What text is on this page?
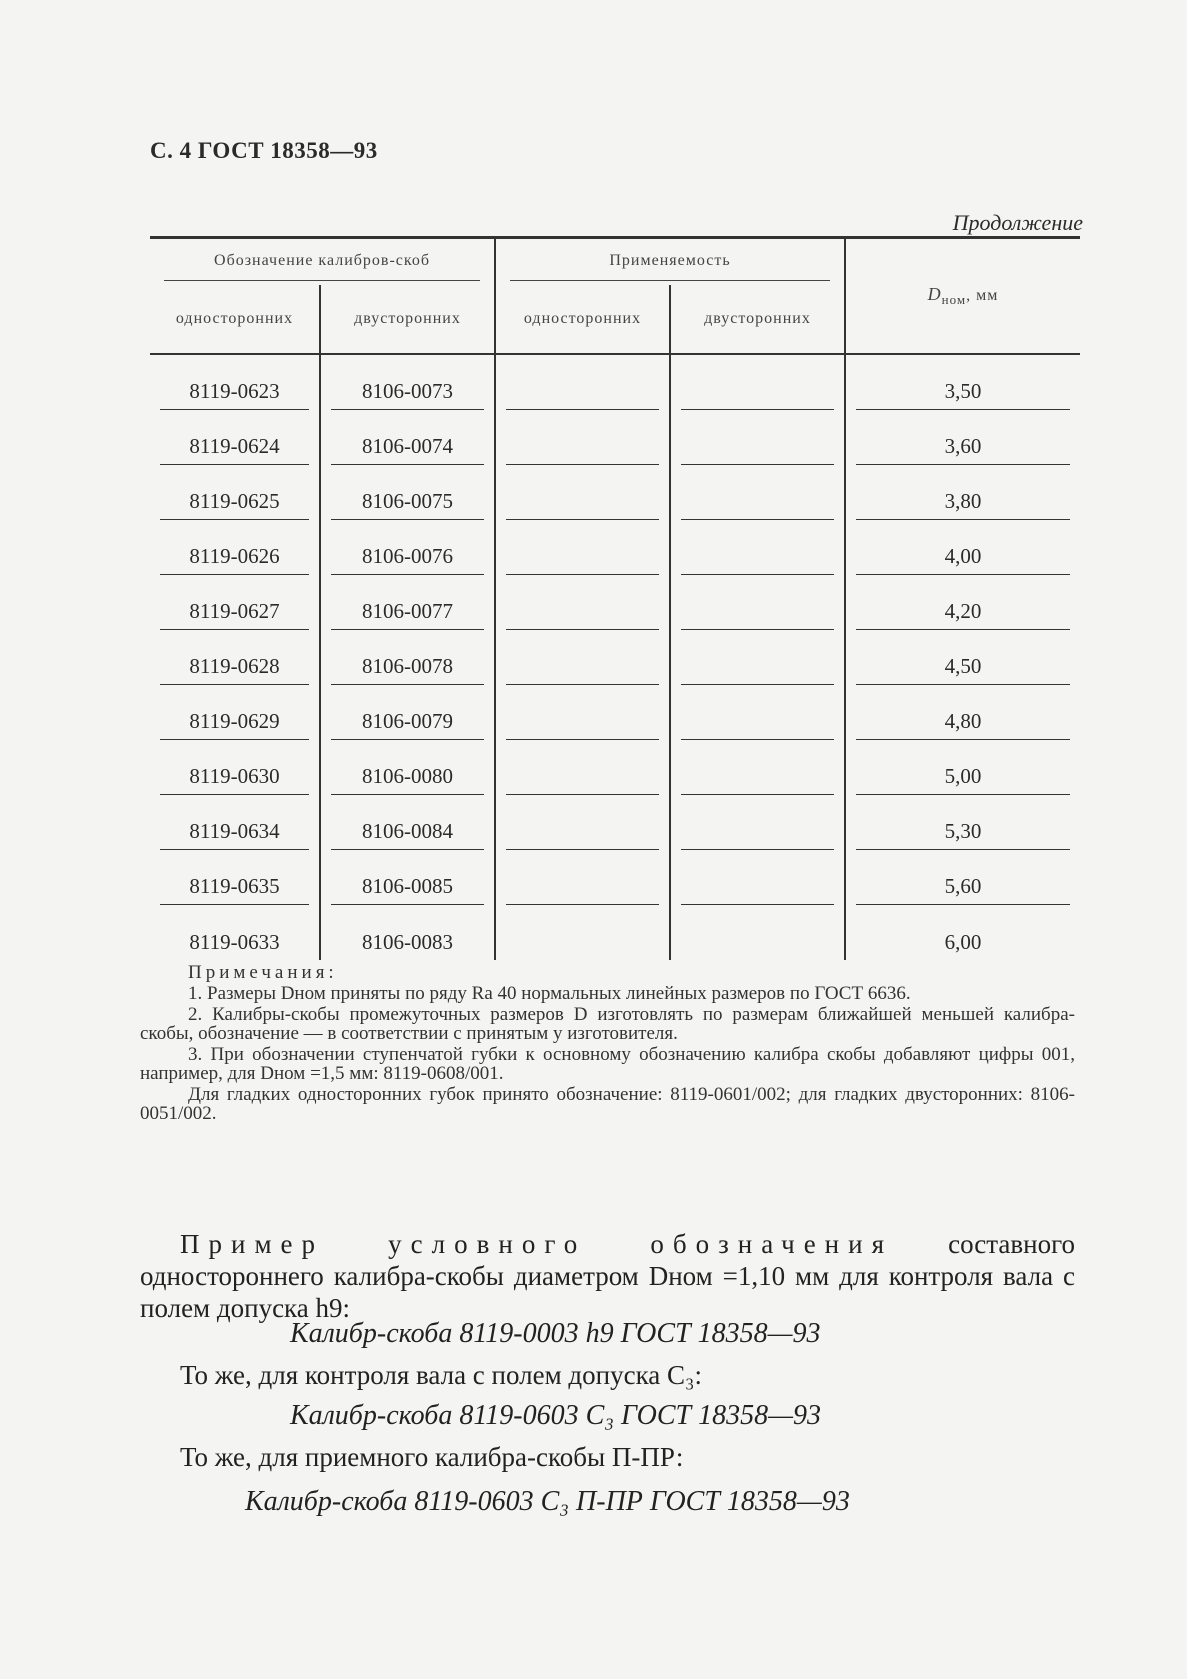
С. 4 ГОСТ 18358—93
Продолжение
Обозначение калибров-скоб		Применяемость		$D_{ном}$, мм
односторонних	двусторонних	односторонних	двусторонних	

8119-0623	8106-0073			3,50

8119-0624	8106-0074			3,60

8119-0625	8106-0075			3,80

8119-0626	8106-0076			4,00

8119-0627	8106-0077			4,20

8119-0628	8106-0078			4,50

8119-0629	8106-0079			4,80

8119-0630	8106-0080			5,00

8119-0634	8106-0084			5,30

8119-0635	8106-0085			5,60

8119-0633	8106-0083			6,00

Примечания:

1. Размеры Dном приняты по ряду Ra 40 нормальных линейных размеров по ГОСТ 6636.

2. Калибры-скобы промежуточных размеров D изготовлять по размерам ближайшей меньшей калибра-скобы, обозначение — в соответствии с принятым у изготовителя.

3. При обозначении ступенчатой губки к основному обозначению калибра скобы добавляют цифры 001, например, для Dном =1,5 мм: 8119-0608/001.

Для гладких односторонних губок принято обозначение: 8119-0601/002; для гладких двусторонних: 8106-0051/002.

Пример условного обозначения составного одностороннего калибра-скобы диаметром Dном =1,10 мм для контроля вала с полем допуска h9:

Калибр-скоба 8119-0003 h9 ГОСТ 18358—93
То же, для контроля вала с полем допуска C₃:
Калибр-скоба 8119-0603 C₃ ГОСТ 18358—93
То же, для приемного калибра-скобы П-ПР:
Калибр-скоба 8119-0603 C₃ П-ПР ГОСТ 18358—93
